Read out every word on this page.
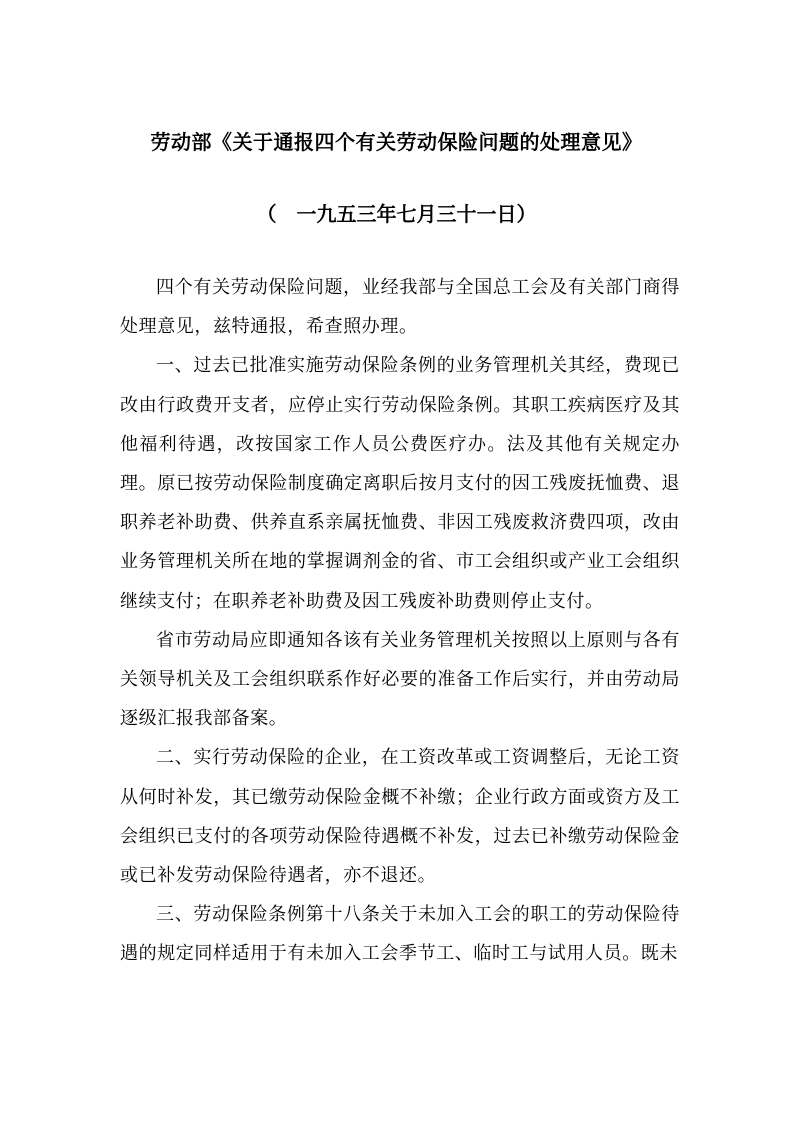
劳动部《关于通报四个有关劳动保险问题的处理意见》
（　一九五三年七月三十一日）

四个有关劳动保险问题，业经我部与全国总工会及有关部门商得处理意见，兹特通报，希查照办理。

一、过去已批准实施劳动保险条例的业务管理机关其经，费现已改由行政费开支者，应停止实行劳动保险条例。其职工疾病医疗及其他福利待遇，改按国家工作人员公费医疗办。法及其他有关规定办理。原已按劳动保险制度确定离职后按月支付的因工残废抚恤费、退职养老补助费、供养直系亲属抚恤费、非因工残废救济费四项，改由业务管理机关所在地的掌握调剂金的省、市工会组织或产业工会组织继续支付；在职养老补助费及因工残废补助费则停止支付。

省市劳动局应即通知各该有关业务管理机关按照以上原则与各有关领导机关及工会组织联系作好必要的准备工作后实行，并由劳动局逐级汇报我部备案。

二、实行劳动保险的企业，在工资改革或工资调整后，无论工资从何时补发，其已缴劳动保险金概不补缴；企业行政方面或资方及工会组织已支付的各项劳动保险待遇概不补发，过去已补缴劳动保险金或已补发劳动保险待遇者，亦不退还。

三、劳动保险条例第十八条关于未加入工会的职工的劳动保险待遇的规定同样适用于有未加入工会季节工、临时工与试用人员。既未
